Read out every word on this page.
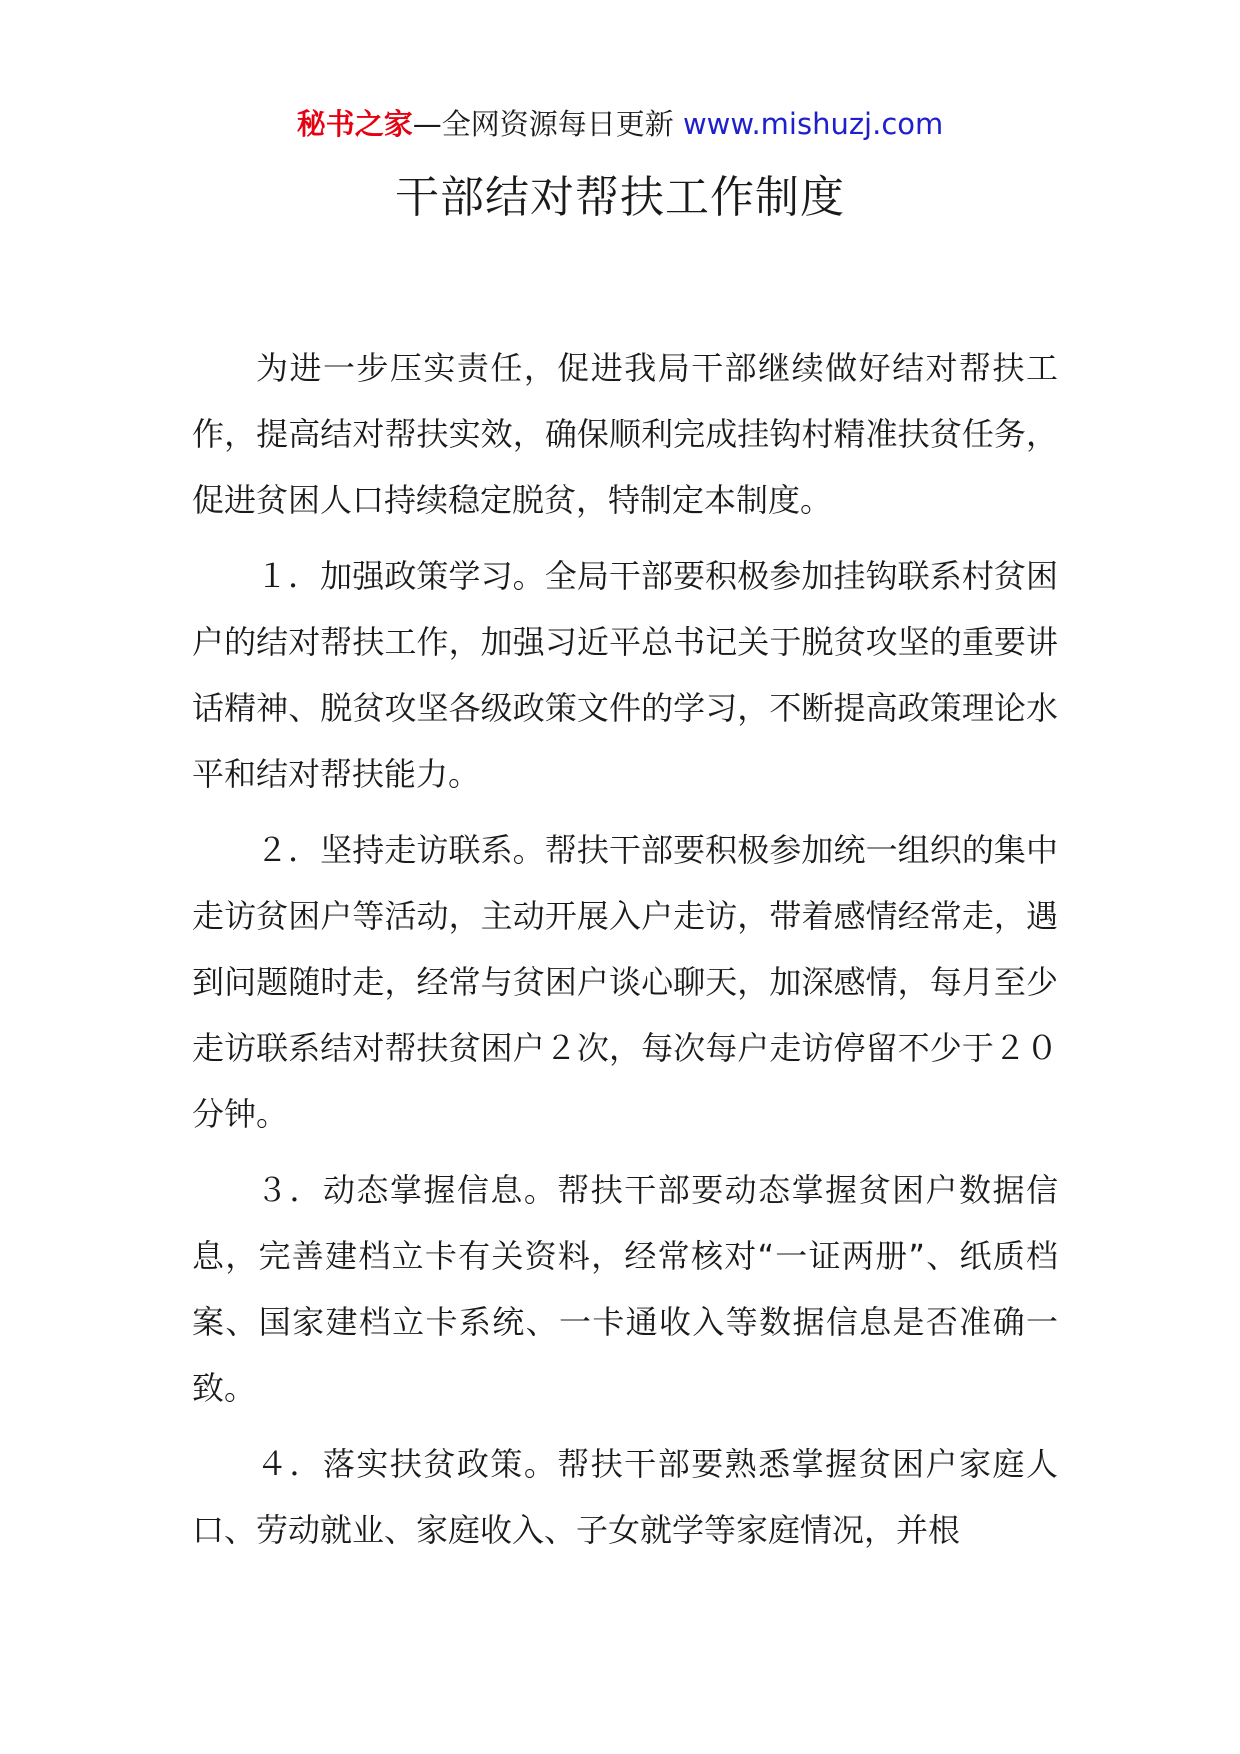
秘书之家—全网资源每日更新 www.mishuzj.com
干部结对帮扶工作制度

为进一步压实责任，促进我局干部继续做好结对帮扶工作，提高结对帮扶实效，确保顺利完成挂钩村精准扶贫任务，促进贫困人口持续稳定脱贫，特制定本制度。

１．加强政策学习。全局干部要积极参加挂钩联系村贫困户的结对帮扶工作，加强习近平总书记关于脱贫攻坚的重要讲话精神、脱贫攻坚各级政策文件的学习，不断提高政策理论水平和结对帮扶能力。

２．坚持走访联系。帮扶干部要积极参加统一组织的集中走访贫困户等活动，主动开展入户走访，带着感情经常走，遇到问题随时走，经常与贫困户谈心聊天，加深感情，每月至少走访联系结对帮扶贫困户２次，每次每户走访停留不少于２０分钟。

３．动态掌握信息。帮扶干部要动态掌握贫困户数据信息，完善建档立卡有关资料，经常核对“一证两册”、纸质档案、国家建档立卡系统、一卡通收入等数据信息是否准确一致。

４．落实扶贫政策。帮扶干部要熟悉掌握贫困户家庭人口、劳动就业、家庭收入、子女就学等家庭情况，并根
